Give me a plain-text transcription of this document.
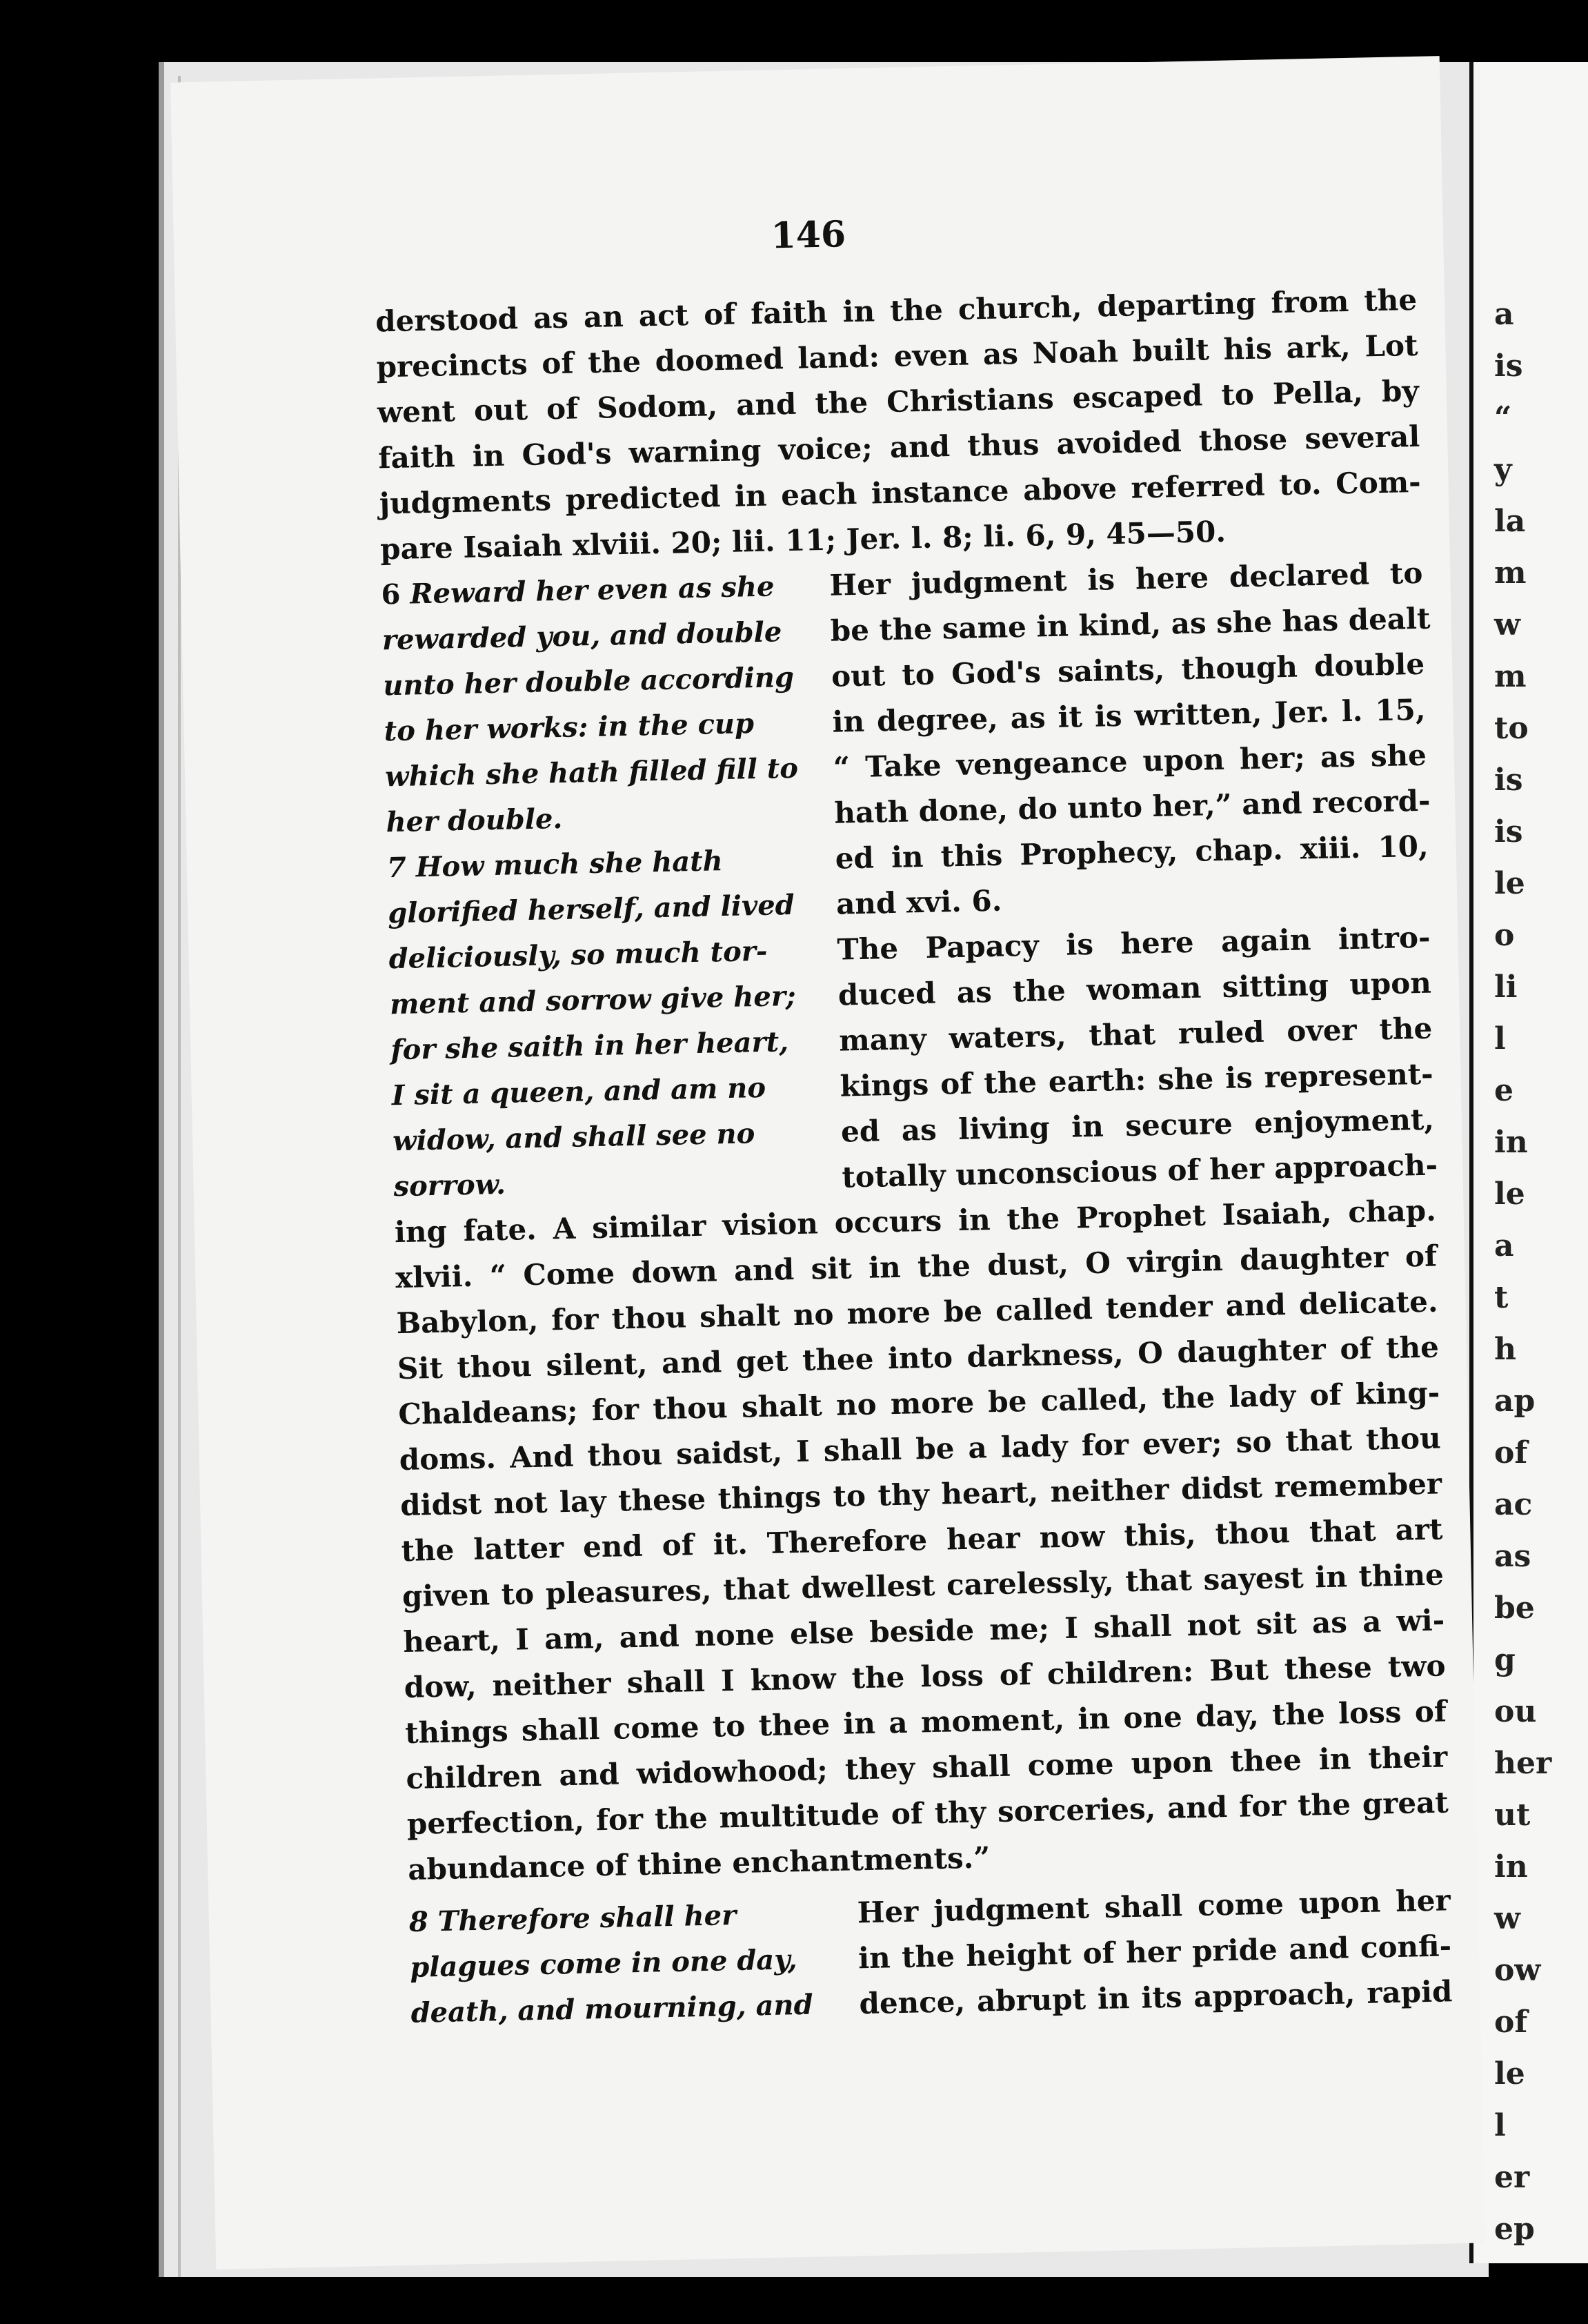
a
is
“
y
la
m
w
m
to
is
is
le
o
li
l
e
in
le
a
t
h
ap
of
ac
as
be
g
ou
her
ut
in
w
ow
of
le
l
er
ep
146
derstood as an act of faith in the church, departing from the
precincts of the doomed land: even as Noah built his ark, Lot
went out of Sodom, and the Christians escaped to Pella, by
faith in God's warning voice; and thus avoided those several
judgments predicted in each instance above referred to. Com-
pare Isaiah xlviii. 20; lii. 11; Jer. l. 8; li. 6, 9, 45—50.
6 Reward her even as she
rewarded you, and double
unto her double according
to her works: in the cup
which she hath filled fill to
her double.
7 How much she hath
glorified herself, and lived
deliciously, so much tor-
ment and sorrow give her;
for she saith in her heart,
I sit a queen, and am no
widow, and shall see no
sorrow.
Her judgment is here declared to
be the same in kind, as she has dealt
out to God's saints, though double
in degree, as it is written, Jer. l. 15,
“ Take vengeance upon her; as she
hath done, do unto her,” and record-
ed in this Prophecy, chap. xiii. 10,
and xvi. 6.
The Papacy is here again intro-
duced as the woman sitting upon
many waters, that ruled over the
kings of the earth: she is represent-
ed as living in secure enjoyment,
totally unconscious of her approach-
ing fate. A similar vision occurs in the Prophet Isaiah, chap.
xlvii. “ Come down and sit in the dust, O virgin daughter of
Babylon, for thou shalt no more be called tender and delicate.
Sit thou silent, and get thee into darkness, O daughter of the
Chaldeans; for thou shalt no more be called, the lady of king-
doms. And thou saidst, I shall be a lady for ever; so that thou
didst not lay these things to thy heart, neither didst remember
the latter end of it. Therefore hear now this, thou that art
given to pleasures, that dwellest carelessly, that sayest in thine
heart, I am, and none else beside me; I shall not sit as a wi-
dow, neither shall I know the loss of children: But these two
things shall come to thee in a moment, in one day, the loss of
children and widowhood; they shall come upon thee in their
perfection, for the multitude of thy sorceries, and for the great
abundance of thine enchantments.”
8 Therefore shall her
plagues come in one day,
death, and mourning, and
Her judgment shall come upon her
in the height of her pride and confi-
dence, abrupt in its approach, rapid
